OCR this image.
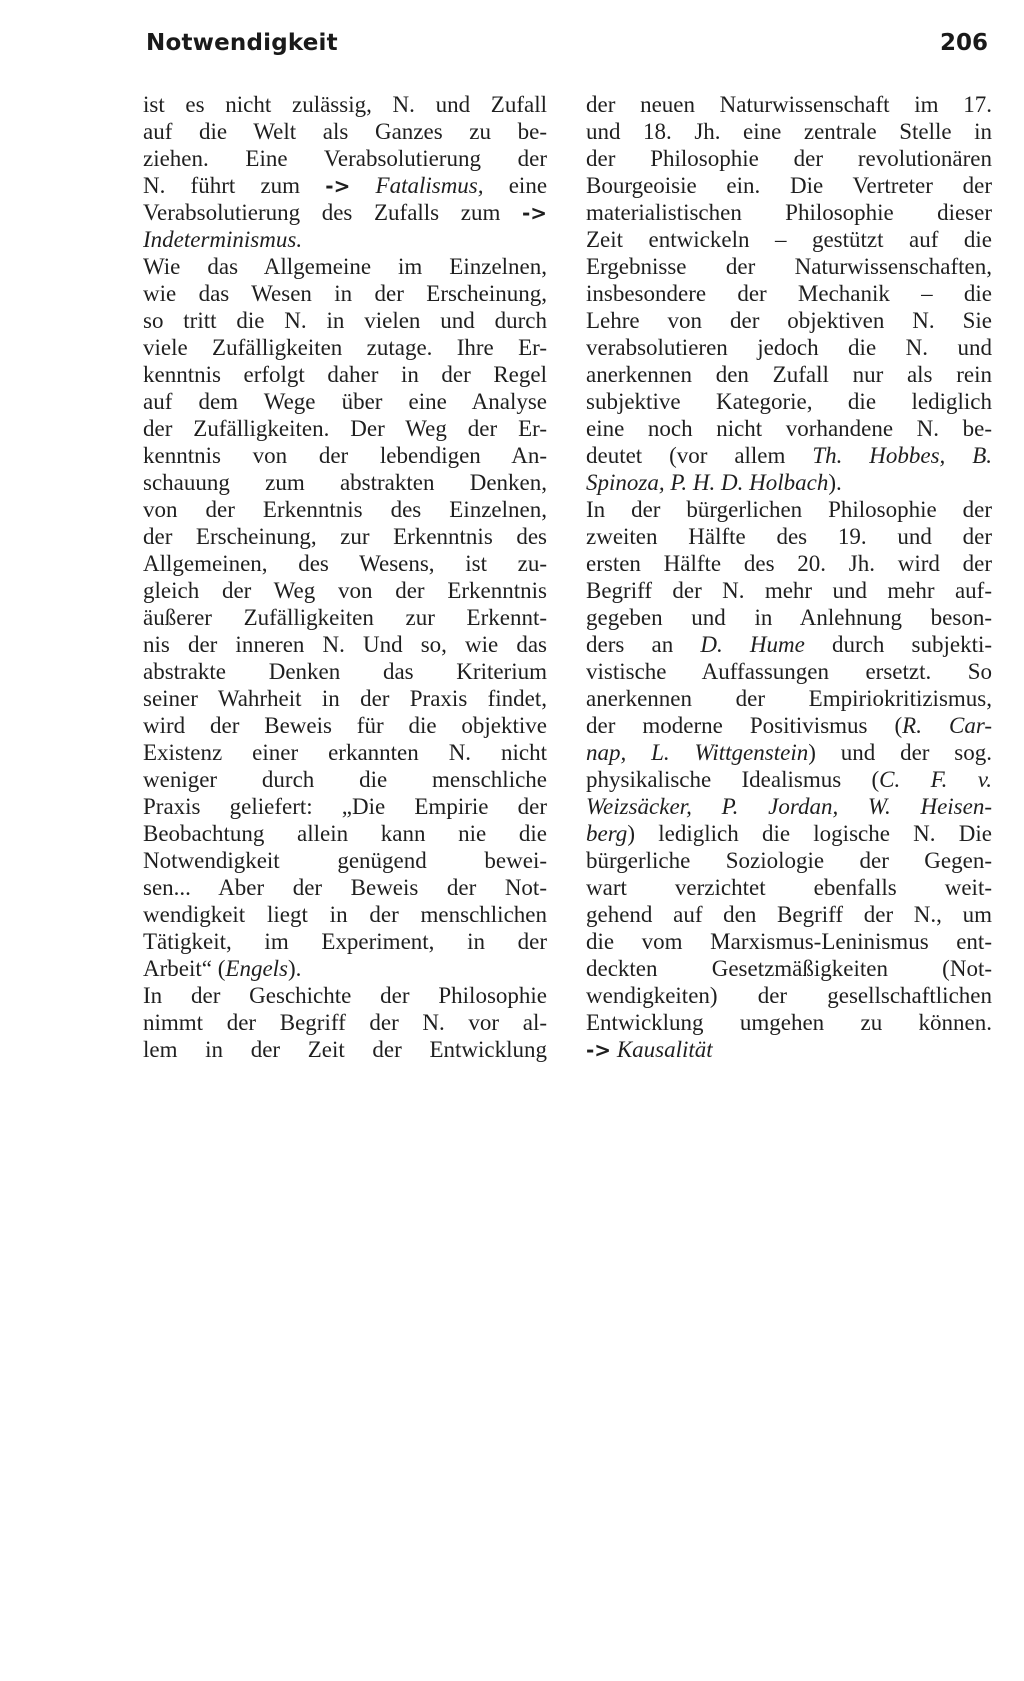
Notwendigkeit	206
ist es nicht zulässig, N. und Zufall
auf die Welt als Ganzes zu be-
ziehen. Eine Verabsolutierung der
N. führt zum -> Fatalismus, eine
Verabsolutierung des Zufalls zum ->
Indeterminismus.
Wie das Allgemeine im Einzelnen,
wie das Wesen in der Erscheinung,
so tritt die N. in vielen und durch
viele Zufälligkeiten zutage. Ihre Er-
kenntnis erfolgt daher in der Regel
auf dem Wege über eine Analyse
der Zufälligkeiten. Der Weg der Er-
kenntnis von der lebendigen An-
schauung zum abstrakten Denken,
von der Erkenntnis des Einzelnen,
der Erscheinung, zur Erkenntnis des
Allgemeinen, des Wesens, ist zu-
gleich der Weg von der Erkenntnis
äußerer Zufälligkeiten zur Erkennt-
nis der inneren N. Und so, wie das
abstrakte Denken das Kriterium
seiner Wahrheit in der Praxis findet,
wird der Beweis für die objektive
Existenz einer erkannten N. nicht
weniger durch die menschliche
Praxis geliefert: „Die Empirie der
Beobachtung allein kann nie die
Notwendigkeit genügend bewei-
sen... Aber der Beweis der Not-
wendigkeit liegt in der menschlichen
Tätigkeit, im Experiment, in der
Arbeit“ (Engels).
In der Geschichte der Philosophie
nimmt der Begriff der N. vor al-
lem in der Zeit der Entwicklung
der neuen Naturwissenschaft im 17.
und 18. Jh. eine zentrale Stelle in
der Philosophie der revolutionären
Bourgeoisie ein. Die Vertreter der
materialistischen Philosophie dieser
Zeit entwickeln – gestützt auf die
Ergebnisse der Naturwissenschaften,
insbesondere der Mechanik – die
Lehre von der objektiven N. Sie
verabsolutieren jedoch die N. und
anerkennen den Zufall nur als rein
subjektive Kategorie, die lediglich
eine noch nicht vorhandene N. be-
deutet (vor allem Th. Hobbes, B.
Spinoza, P. H. D. Holbach).
In der bürgerlichen Philosophie der
zweiten Hälfte des 19. und der
ersten Hälfte des 20. Jh. wird der
Begriff der N. mehr und mehr auf-
gegeben und in Anlehnung beson-
ders an D. Hume durch subjekti-
vistische Auffassungen ersetzt. So
anerkennen der Empiriokritizismus,
der moderne Positivismus (R. Car-
nap, L. Wittgenstein) und der sog.
physikalische Idealismus (C. F. v.
Weizsäcker, P. Jordan, W. Heisen-
berg) lediglich die logische N. Die
bürgerliche Soziologie der Gegen-
wart verzichtet ebenfalls weit-
gehend auf den Begriff der N., um
die vom Marxismus-Leninismus ent-
deckten Gesetzmäßigkeiten (Not-
wendigkeiten) der gesellschaftlichen
Entwicklung umgehen zu können.
-> Kausalität
